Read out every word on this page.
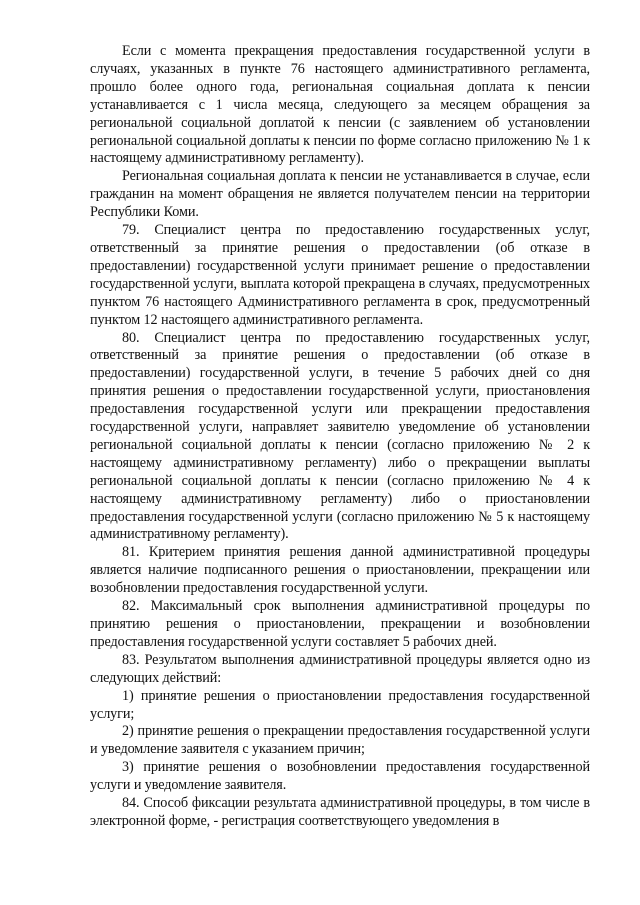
Если с момента прекращения предоставления государственной услуги в случаях, указанных в пункте 76 настоящего административного регламента, прошло более одного года, региональная социальная доплата к пенсии устанавливается с 1 числа месяца, следующего за месяцем обращения за региональной социальной доплатой к пенсии (с заявлением об установлении региональной социальной доплаты к пенсии по форме согласно приложению № 1 к настоящему административному регламенту).

Региональная социальная доплата к пенсии не устанавливается в случае, если гражданин на момент обращения не является получателем пенсии на территории Республики Коми.

79. Специалист центра по предоставлению государственных услуг, ответственный за принятие решения о предоставлении (об отказе в предоставлении) государственной услуги принимает решение о предоставлении государственной услуги, выплата которой прекращена в случаях, предусмотренных пунктом 76 настоящего Административного регламента в срок, предусмотренный пунктом 12 настоящего административного регламента.

80. Специалист центра по предоставлению государственных услуг, ответственный за принятие решения о предоставлении (об отказе в предоставлении) государственной услуги, в течение 5 рабочих дней со дня принятия решения о предоставлении государственной услуги, приостановления предоставления государственной услуги или прекращении предоставления государственной услуги, направляет заявителю уведомление об установлении региональной социальной доплаты к пенсии (согласно приложению № 2 к настоящему административному регламенту) либо о прекращении выплаты региональной социальной доплаты к пенсии (согласно приложению № 4 к настоящему административному регламенту) либо о приостановлении предоставления государственной услуги (согласно приложению № 5 к настоящему административному регламенту).

81. Критерием принятия решения данной административной процедуры является наличие подписанного решения о приостановлении, прекращении или возобновлении предоставления государственной услуги.

82. Максимальный срок выполнения административной процедуры по принятию решения о приостановлении, прекращении и возобновлении предоставления государственной услуги составляет 5 рабочих дней.

83. Результатом выполнения административной процедуры является одно из следующих действий:

1) принятие решения о приостановлении предоставления государственной услуги;

2) принятие решения о прекращении предоставления государственной услуги и уведомление заявителя с указанием причин;

3) принятие решения о возобновлении предоставления государственной услуги и уведомление заявителя.

84. Способ фиксации результата административной процедуры, в том числе в электронной форме, - регистрация соответствующего уведомления в
